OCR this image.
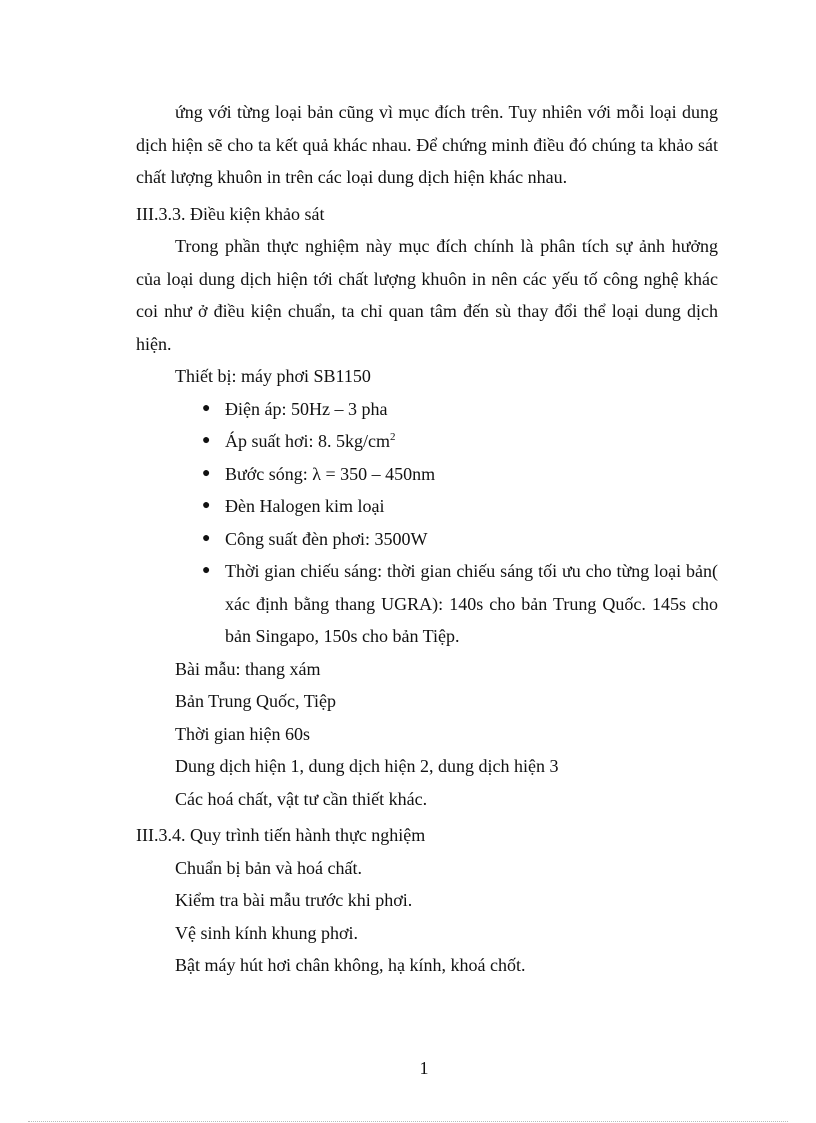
ứng với từng loại bản cũng vì mục đích trên. Tuy nhiên với mỗi loại dung dịch hiện sẽ cho ta kết quả khác nhau. Để chứng minh điều đó chúng ta khảo sát chất lượng khuôn in trên các loại dung dịch hiện khác nhau.

III.3.3. Điều kiện khảo sát

Trong phần thực nghiệm này mục đích chính là phân tích sự ảnh hưởng của loại dung dịch hiện tới chất lượng khuôn in nên các yếu tố công nghệ khác coi như ở điều kiện chuẩn, ta chỉ quan tâm đến sù thay đổi thể loại dung dịch hiện.

Thiết bị: máy phơi SB1150
● Điện áp: 50Hz – 3 pha
● Áp suất hơi: 8. $5kg/cm^2$
● Bước sóng: λ = 350 – 450nm
● Đèn Halogen kim loại
● Công suất đèn phơi: 3500W
● Thời gian chiếu sáng: thời gian chiếu sáng tối ưu cho từng loại bản( xác định bằng thang UGRA): 140s cho bản Trung Quốc. 145s cho bản Singapo, 150s cho bản Tiệp.
Bài mẫu: thang xám
Bản Trung Quốc, Tiệp
Thời gian hiện 60s
Dung dịch hiện 1, dung dịch hiện 2, dung dịch hiện 3
Các hoá chất, vật tư cần thiết khác.
III.3.4. Quy trình tiến hành thực nghiệm
Chuẩn bị bản và hoá chất.
Kiểm tra bài mẫu trước khi phơi.
Vệ sinh kính khung phơi.
Bật máy hút hơi chân không, hạ kính, khoá chốt.
1
